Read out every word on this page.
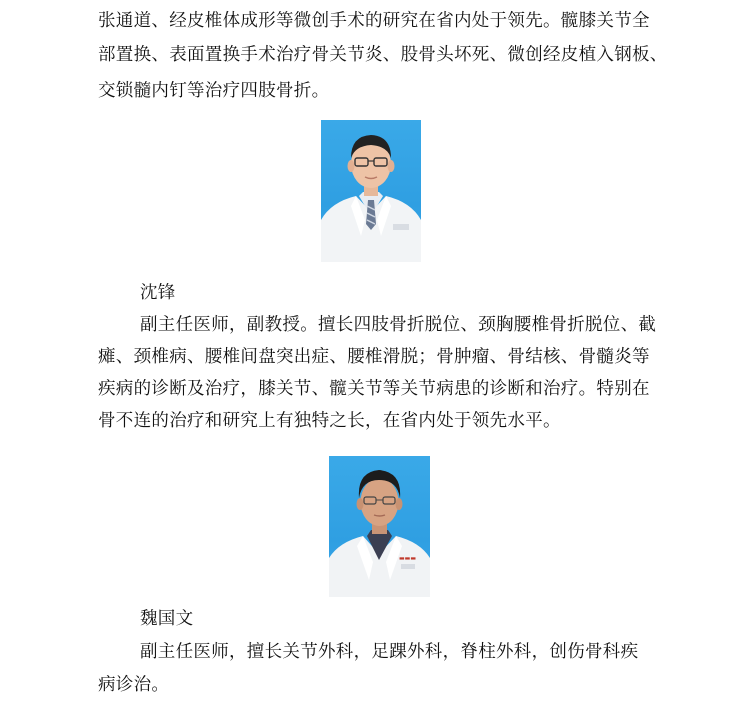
张通道、经皮椎体成形等微创手术的研究在省内处于领先。髋膝关节全
部置换、表面置换手术治疗骨关节炎、股骨头坏死、微创经皮植入钢板、
交锁髓内钉等治疗四肢骨折。
沈锋
副主任医师，副教授。擅长四肢骨折脱位、颈胸腰椎骨折脱位、截
瘫、颈椎病、腰椎间盘突出症、腰椎滑脱；骨肿瘤、骨结核、骨髓炎等
疾病的诊断及治疗，膝关节、髋关节等关节病患的诊断和治疗。特别在
骨不连的治疗和研究上有独特之长，在省内处于领先水平。
▬▬▬
魏国文
副主任医师，擅长关节外科，足踝外科，脊柱外科，创伤骨科疾
病诊治。
